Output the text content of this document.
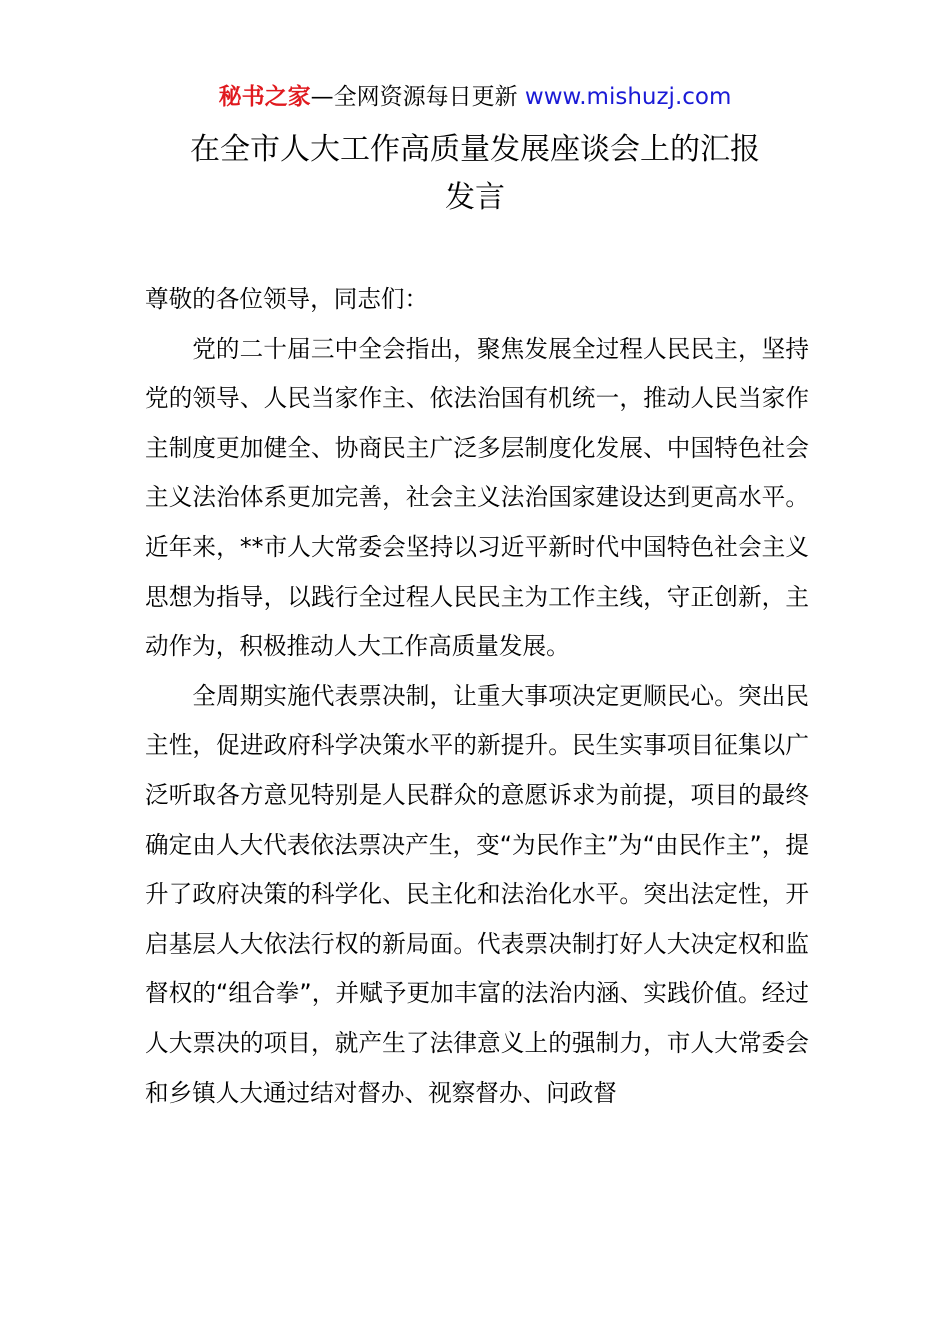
秘书之家—全网资源每日更新 www.mishuzj.com
在全市人大工作高质量发展座谈会上的汇报
发言

尊敬的各位领导，同志们：

党的二十届三中全会指出，聚焦发展全过程人民民主，坚持党的领导、人民当家作主、依法治国有机统一，推动人民当家作主制度更加健全、协商民主广泛多层制度化发展、中国特色社会主义法治体系更加完善，社会主义法治国家建设达到更高水平。近年来，**市人大常委会坚持以习近平新时代中国特色社会主义思想为指导，以践行全过程人民民主为工作主线，守正创新，主动作为，积极推动人大工作高质量发展。

全周期实施代表票决制，让重大事项决定更顺民心。突出民主性，促进政府科学决策水平的新提升。民生实事项目征集以广泛听取各方意见特别是人民群众的意愿诉求为前提，项目的最终确定由人大代表依法票决产生，变“为民作主”为“由民作主”，提升了政府决策的科学化、民主化和法治化水平。突出法定性，开启基层人大依法行权的新局面。代表票决制打好人大决定权和监督权的“组合拳”，并赋予更加丰富的法治内涵、实践价值。经过人大票决的项目，就产生了法律意义上的强制力，市人大常委会和乡镇人大通过结对督办、视察督办、问政督
